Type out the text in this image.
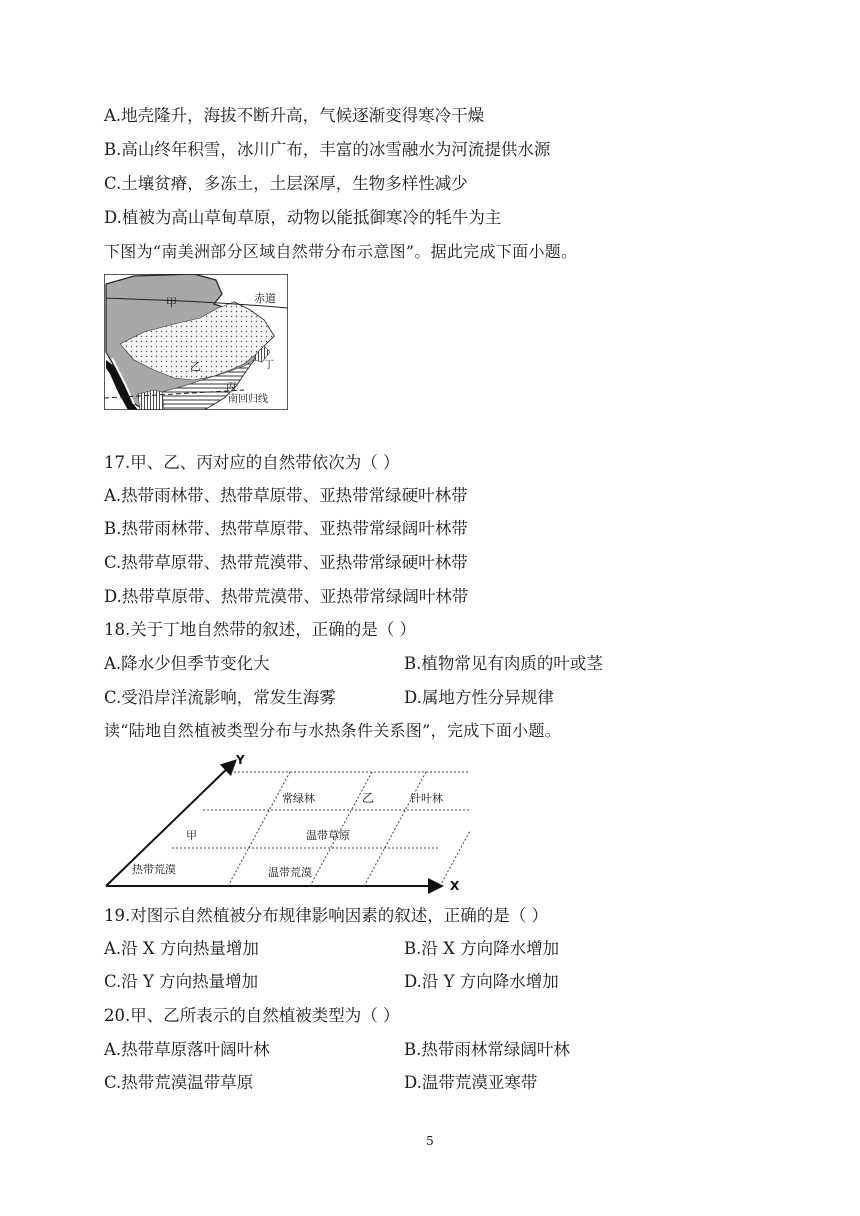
A.地壳隆升，海拔不断升高，气候逐渐变得寒冷干燥
B.高山终年积雪，冰川广布，丰富的冰雪融水为河流提供水源
C.土壤贫瘠，多冻土，土层深厚，生物多样性减少
D.植被为高山草甸草原，动物以能抵御寒冷的牦牛为主
下图为“南美洲部分区域自然带分布示意图”。据此完成下面小题。
甲
乙
丙
丁
赤道
南回归线
17.甲、乙、丙对应的自然带依次为（ ）
A.热带雨林带、热带草原带、亚热带常绿硬叶林带
B.热带雨林带、热带草原带、亚热带常绿阔叶林带
C.热带草原带、热带荒漠带、亚热带常绿硬叶林带
D.热带草原带、热带荒漠带、亚热带常绿阔叶林带
18.关于丁地自然带的叙述，正确的是（ ）
A.降水少但季节变化大	B.植物常见有肉质的叶或茎
C.受沿岸洋流影响，常发生海雾	D.属地方性分异规律
读“陆地自然植被类型分布与水热条件关系图”，完成下面小题。
Y
X
常绿林	乙	针叶林
甲	温带草原
热带荒漠	温带荒漠
19.对图示自然植被分布规律影响因素的叙述，正确的是（ ）
A.沿 X 方向热量增加	B.沿 X 方向降水增加
C.沿 Y 方向热量增加	D.沿 Y 方向降水增加
20.甲、乙所表示的自然植被类型为（ ）
A.热带草原落叶阔叶林	B.热带雨林常绿阔叶林
C.热带荒漠温带草原	D.温带荒漠亚寒带
5
